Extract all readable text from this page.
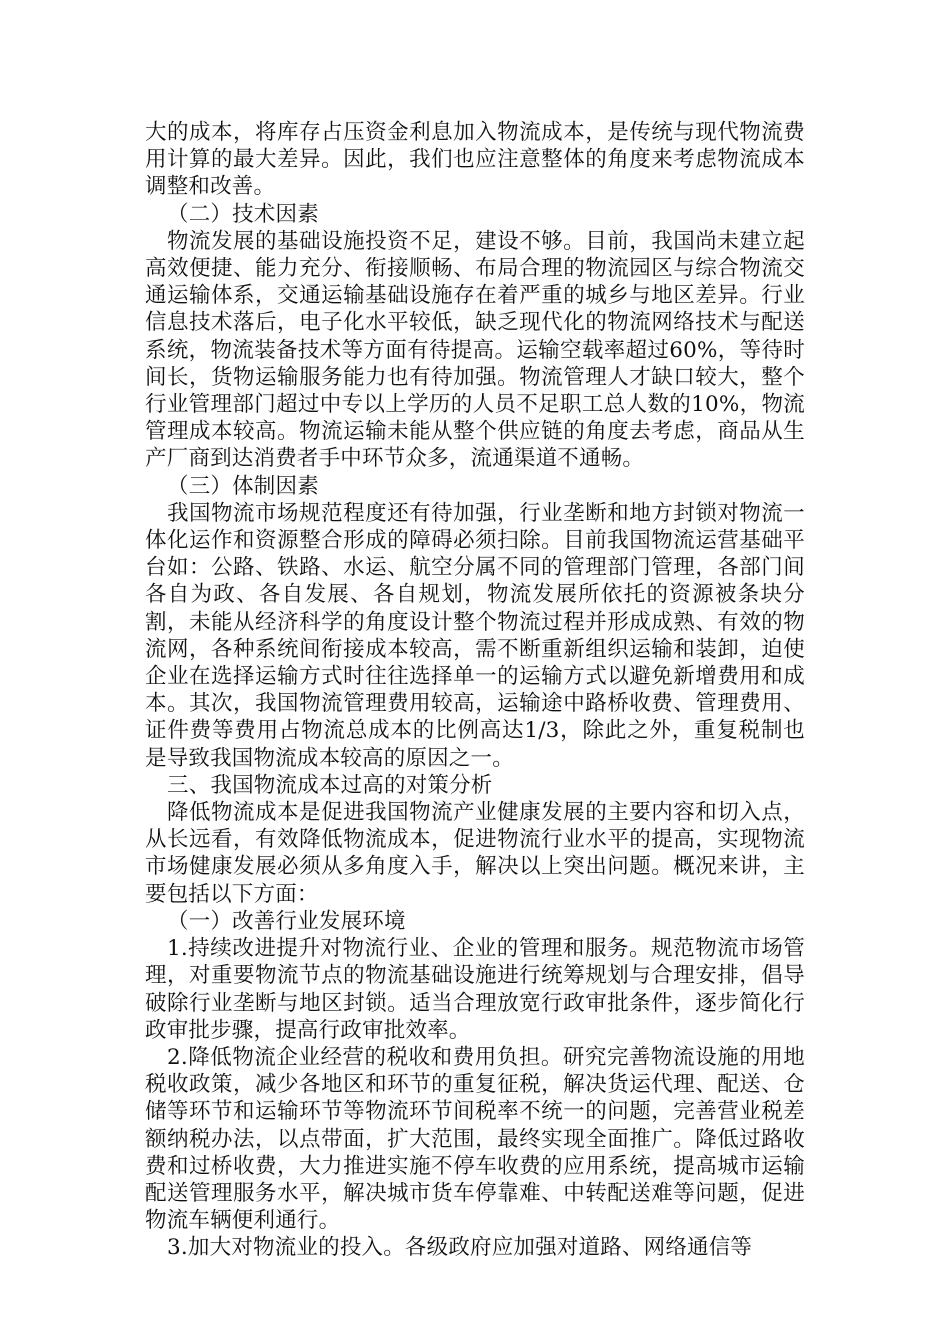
大的成本，将库存占压资金利息加入物流成本，是传统与现代物流费用计算的最大差异。因此，我们也应注意整体的角度来考虑物流成本调整和改善。

（二）技术因素

物流发展的基础设施投资不足，建设不够。目前，我国尚未建立起高效便捷、能力充分、衔接顺畅、布局合理的物流园区与综合物流交通运输体系，交通运输基础设施存在着严重的城乡与地区差异。行业信息技术落后，电子化水平较低，缺乏现代化的物流网络技术与配送系统，物流装备技术等方面有待提高。运输空载率超过60%，等待时间长，货物运输服务能力也有待加强。物流管理人才缺口较大，整个行业管理部门超过中专以上学历的人员不足职工总人数的10%，物流管理成本较高。物流运输未能从整个供应链的角度去考虑，商品从生产厂商到达消费者手中环节众多，流通渠道不通畅。

（三）体制因素

我国物流市场规范程度还有待加强，行业垄断和地方封锁对物流一体化运作和资源整合形成的障碍必须扫除。目前我国物流运营基础平台如：公路、铁路、水运、航空分属不同的管理部门管理，各部门间各自为政、各自发展、各自规划，物流发展所依托的资源被条块分割，未能从经济科学的角度设计整个物流过程并形成成熟、有效的物流网，各种系统间衔接成本较高，需不断重新组织运输和装卸，迫使企业在选择运输方式时往往选择单一的运输方式以避免新增费用和成本。其次，我国物流管理费用较高，运输途中路桥收费、管理费用、证件费等费用占物流总成本的比例高达1/3，除此之外，重复税制也是导致我国物流成本较高的原因之一。

三、我国物流成本过高的对策分析

降低物流成本是促进我国物流产业健康发展的主要内容和切入点，从长远看，有效降低物流成本，促进物流行业水平的提高，实现物流市场健康发展必须从多角度入手，解决以上突出问题。概况来讲，主要包括以下方面：

（一）改善行业发展环境

1.持续改进提升对物流行业、企业的管理和服务。规范物流市场管理，对重要物流节点的物流基础设施进行统筹规划与合理安排，倡导破除行业垄断与地区封锁。适当合理放宽行政审批条件，逐步简化行政审批步骤，提高行政审批效率。

2.降低物流企业经营的税收和费用负担。研究完善物流设施的用地税收政策，减少各地区和环节的重复征税，解决货运代理、配送、仓储等环节和运输环节等物流环节间税率不统一的问题，完善营业税差额纳税办法，以点带面，扩大范围，最终实现全面推广。降低过路收费和过桥收费，大力推进实施不停车收费的应用系统，提高城市运输配送管理服务水平，解决城市货车停靠难、中转配送难等问题，促进物流车辆便利通行。

3.加大对物流业的投入。各级政府应加强对道路、网络通信等
